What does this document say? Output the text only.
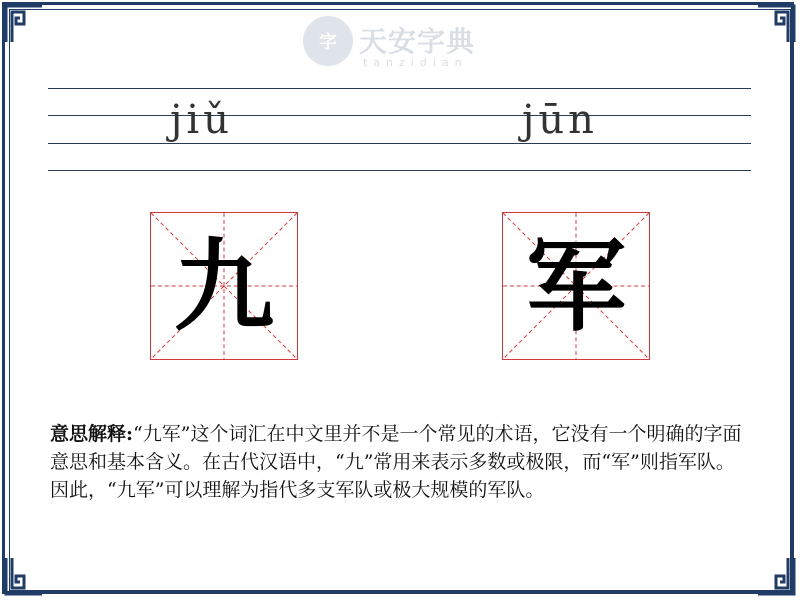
字 天安字典
tanzidian
jiǔ	jūn
九	军
意思解释:“九军”这个词汇在中文里并不是一个常见的术语，它没有一个明确的字面意思和基本含义。在古代汉语中，“九”常用来表示多数或极限，而“军”则指军队。因此，“九军”可以理解为指代多支军队或极大规模的军队。
